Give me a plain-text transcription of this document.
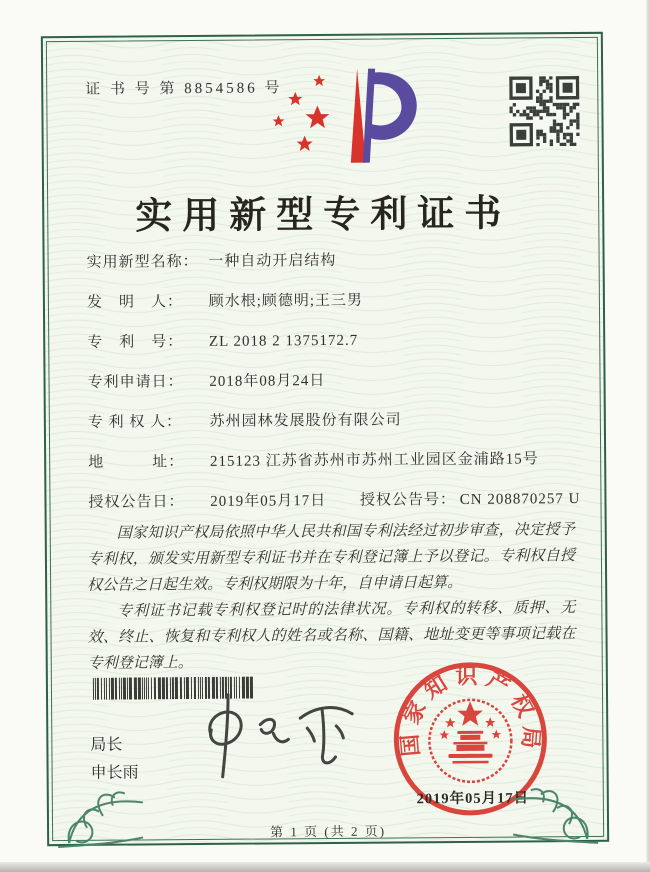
证 书 号 第 8854586 号
实用新型专利证书
实用新型名称： 一种自动开启结构
发　明　人： 顾水根;顾德明;王三男
专　利　号： ZL 2018 2 1375172.7
专利申请日： 2018年08月24日
专 利 权 人： 苏州园林发展股份有限公司
地　　　址： 215123 江苏省苏州市苏州工业园区金浦路15号
授权公告日： 2019年05月17日 授权公告号： CN 208870257 U

国家知识产权局依照中华人民共和国专利法经过初步审查，决定授予专利权，颁发实用新型专利证书并在专利登记簿上予以登记。专利权自授权公告之日起生效。专利权期限为十年，自申请日起算。

专利证书记载专利权登记时的法律状况。专利权的转移、质押、无效、终止、恢复和专利权人的姓名或名称、国籍、地址变更等事项记载在专利登记簿上。

局长
申长雨
国家知识产权局
2019年05月17日
第 1 页 (共 2 页)
